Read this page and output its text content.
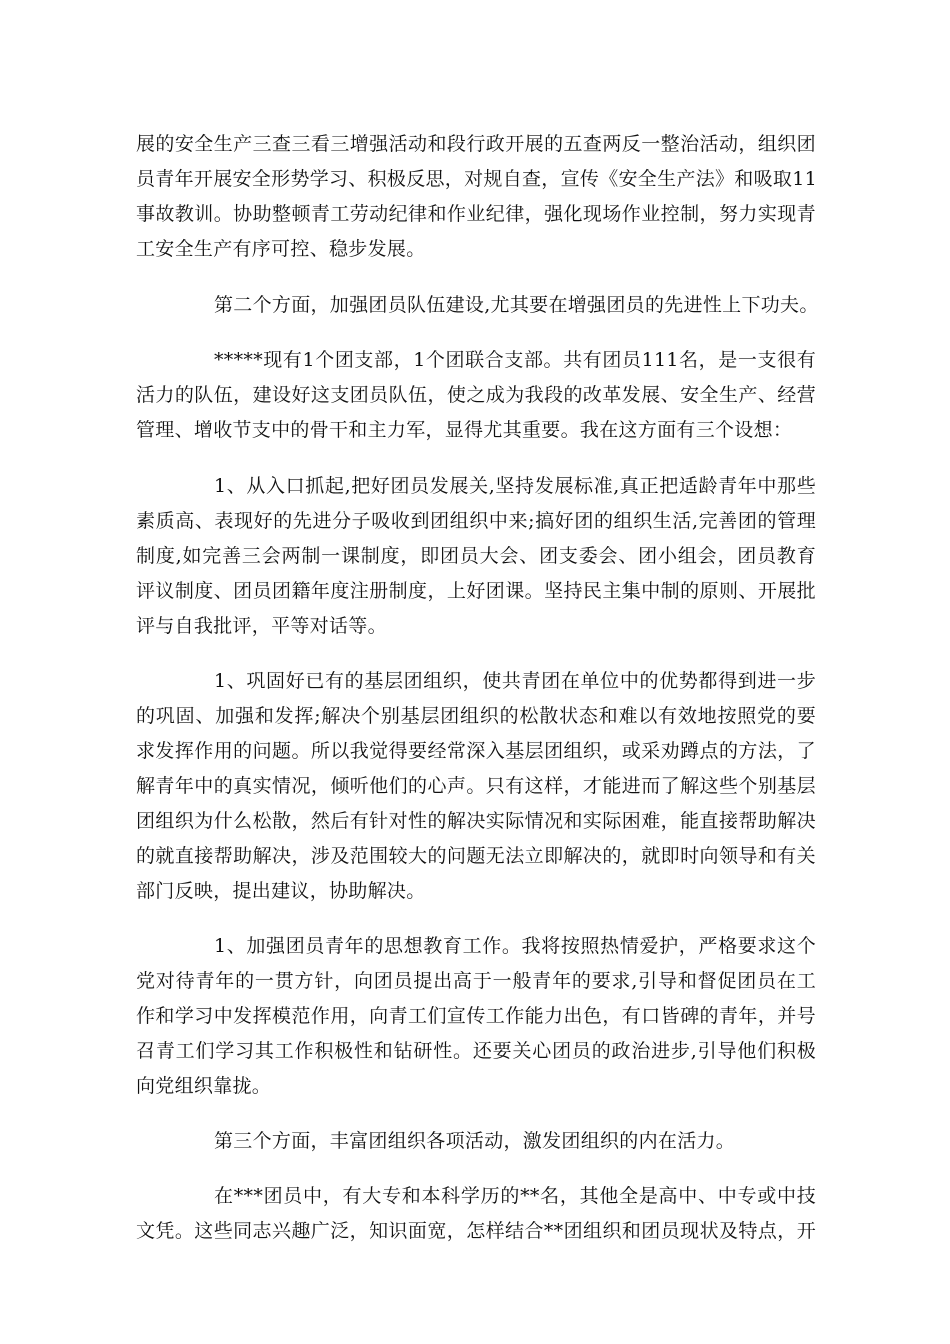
展的安全生产三查三看三增强活动和段行政开展的五查两反一整治活动，组织团

员青年开展安全形势学习、积极反思，对规自查，宣传《安全生产法》和吸取11

事故教训。协助整顿青工劳动纪律和作业纪律，强化现场作业控制，努力实现青

工安全生产有序可控、稳步发展。

第二个方面，加强团员队伍建设,尤其要在增强团员的先进性上下功夫。

*****现有1个团支部，1个团联合支部。共有团员111名，是一支很有

活力的队伍，建设好这支团员队伍，使之成为我段的改革发展、安全生产、经营

管理、增收节支中的骨干和主力军，显得尤其重要。我在这方面有三个设想：

1、从入口抓起,把好团员发展关,坚持发展标准,真正把适龄青年中那些

素质高、表现好的先进分子吸收到团组织中来;搞好团的组织生活,完善团的管理

制度,如完善三会两制一课制度，即团员大会、团支委会、团小组会，团员教育

评议制度、团员团籍年度注册制度，上好团课。坚持民主集中制的原则、开展批

评与自我批评，平等对话等。

1、巩固好已有的基层团组织，使共青团在单位中的优势都得到进一步

的巩固、加强和发挥;解决个别基层团组织的松散状态和难以有效地按照党的要

求发挥作用的问题。所以我觉得要经常深入基层团组织，或采劝蹲点的方法，了

解青年中的真实情况，倾听他们的心声。只有这样，才能进而了解这些个别基层

团组织为什么松散，然后有针对性的解决实际情况和实际困难，能直接帮助解决

的就直接帮助解决，涉及范围较大的问题无法立即解决的，就即时向领导和有关

部门反映，提出建议，协助解决。

1、加强团员青年的思想教育工作。我将按照热情爱护，严格要求这个

党对待青年的一贯方针，向团员提出高于一般青年的要求,引导和督促团员在工

作和学习中发挥模范作用，向青工们宣传工作能力出色，有口皆碑的青年，并号

召青工们学习其工作积极性和钻研性。还要关心团员的政治进步,引导他们积极

向党组织靠拢。

第三个方面，丰富团组织各项活动，激发团组织的内在活力。

在***团员中，有大专和本科学历的**名，其他全是高中、中专或中技

文凭。这些同志兴趣广泛，知识面宽，怎样结合**团组织和团员现状及特点，开
